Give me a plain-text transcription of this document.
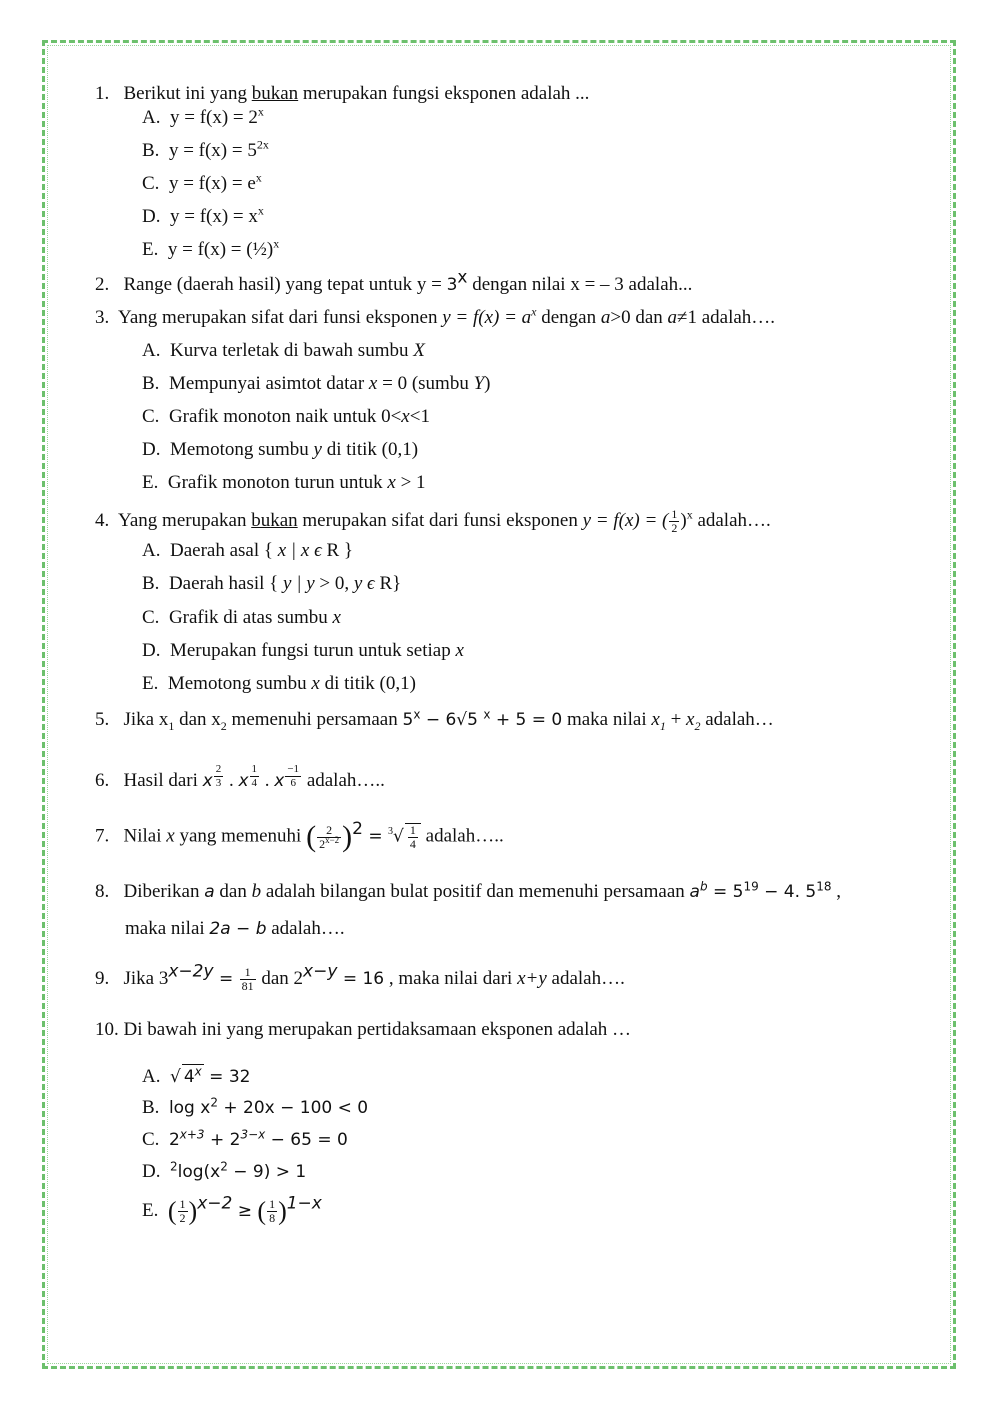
1. Berikut ini yang bukan merupakan fungsi eksponen adalah ...
A. $y = f(x) = 2^x$
B. $y = f(x) = 5^{2x}$
C. $y = f(x) = e^x$
D. $y = f(x) = x^x$
E. y = f(x) = (½)$^x$
2. Range (daerah hasil) yang tepat untuk $y = 3^x$ dengan nilai x = – 3 adalah...
3. Yang merupakan sifat dari funsi eksponen $y = f(x) = a^x$ dengan a>0 dan a≠1 adalah….
A. Kurva terletak di bawah sumbu X
B. Mempunyai asimtot datar x = 0 (sumbu Y)
C. Grafik monoton naik untuk 0<x<1
D. Memotong sumbu y di titik (0,1)
E. Grafik monoton turun untuk x > 1
4. Yang merupakan bukan merupakan sifat dari funsi eksponen y = f(x) = ( $\frac{1}{2} )^x$ adalah….
A. Daerah asal { x | x ϵ R }
B. Daerah hasil { y | y > 0, y ϵ R}
C. Grafik di atas sumbu x
D. Merupakan fungsi turun untuk setiap x
E. Memotong sumbu x di titik (0,1)
5. Jika $x_1$ dan $x_2$ memenuhi persamaan $5^x - 6√5$ $^x$ + 5 = 0 maka nilai $x_1 + x_2$ adalah…
6. Hasil dari x $\frac{2}{3}$ . x $\frac{1}{4}$ . x $\frac{-1}{6}$ adalah…..
7. Nilai x yang memenuhi ( $\frac{2}{2^{x-2}} )^2 = ^3√ \frac{1}{4}$ adalah…..
8. Diberikan a dan b adalah bilangan bulat positif dan memenuhi persamaan $a^b = 5^{19} - 4$. $5^{18}$ ,
maka nilai 2a − b adalah….
9. Jika $3^{x-2y} = \frac{1}{81}$ dan $2^{x-y} = 16$ , maka nilai dari x+y adalah….
10. Di bawah ini yang merupakan pertidaksamaan eksponen adalah …
A. √ $4^x = 32$
B. $\log x^2 + 20x - 100 < 0$
C. $2^{x+3} + 2^{3-x} - 65 = 0$
D. $^2\log(x^2 - 9) > 1$
E. ( $\frac{1}{2} )^{x-2}$ ≥ ( $\frac{1}{8} )^{1-x}$
